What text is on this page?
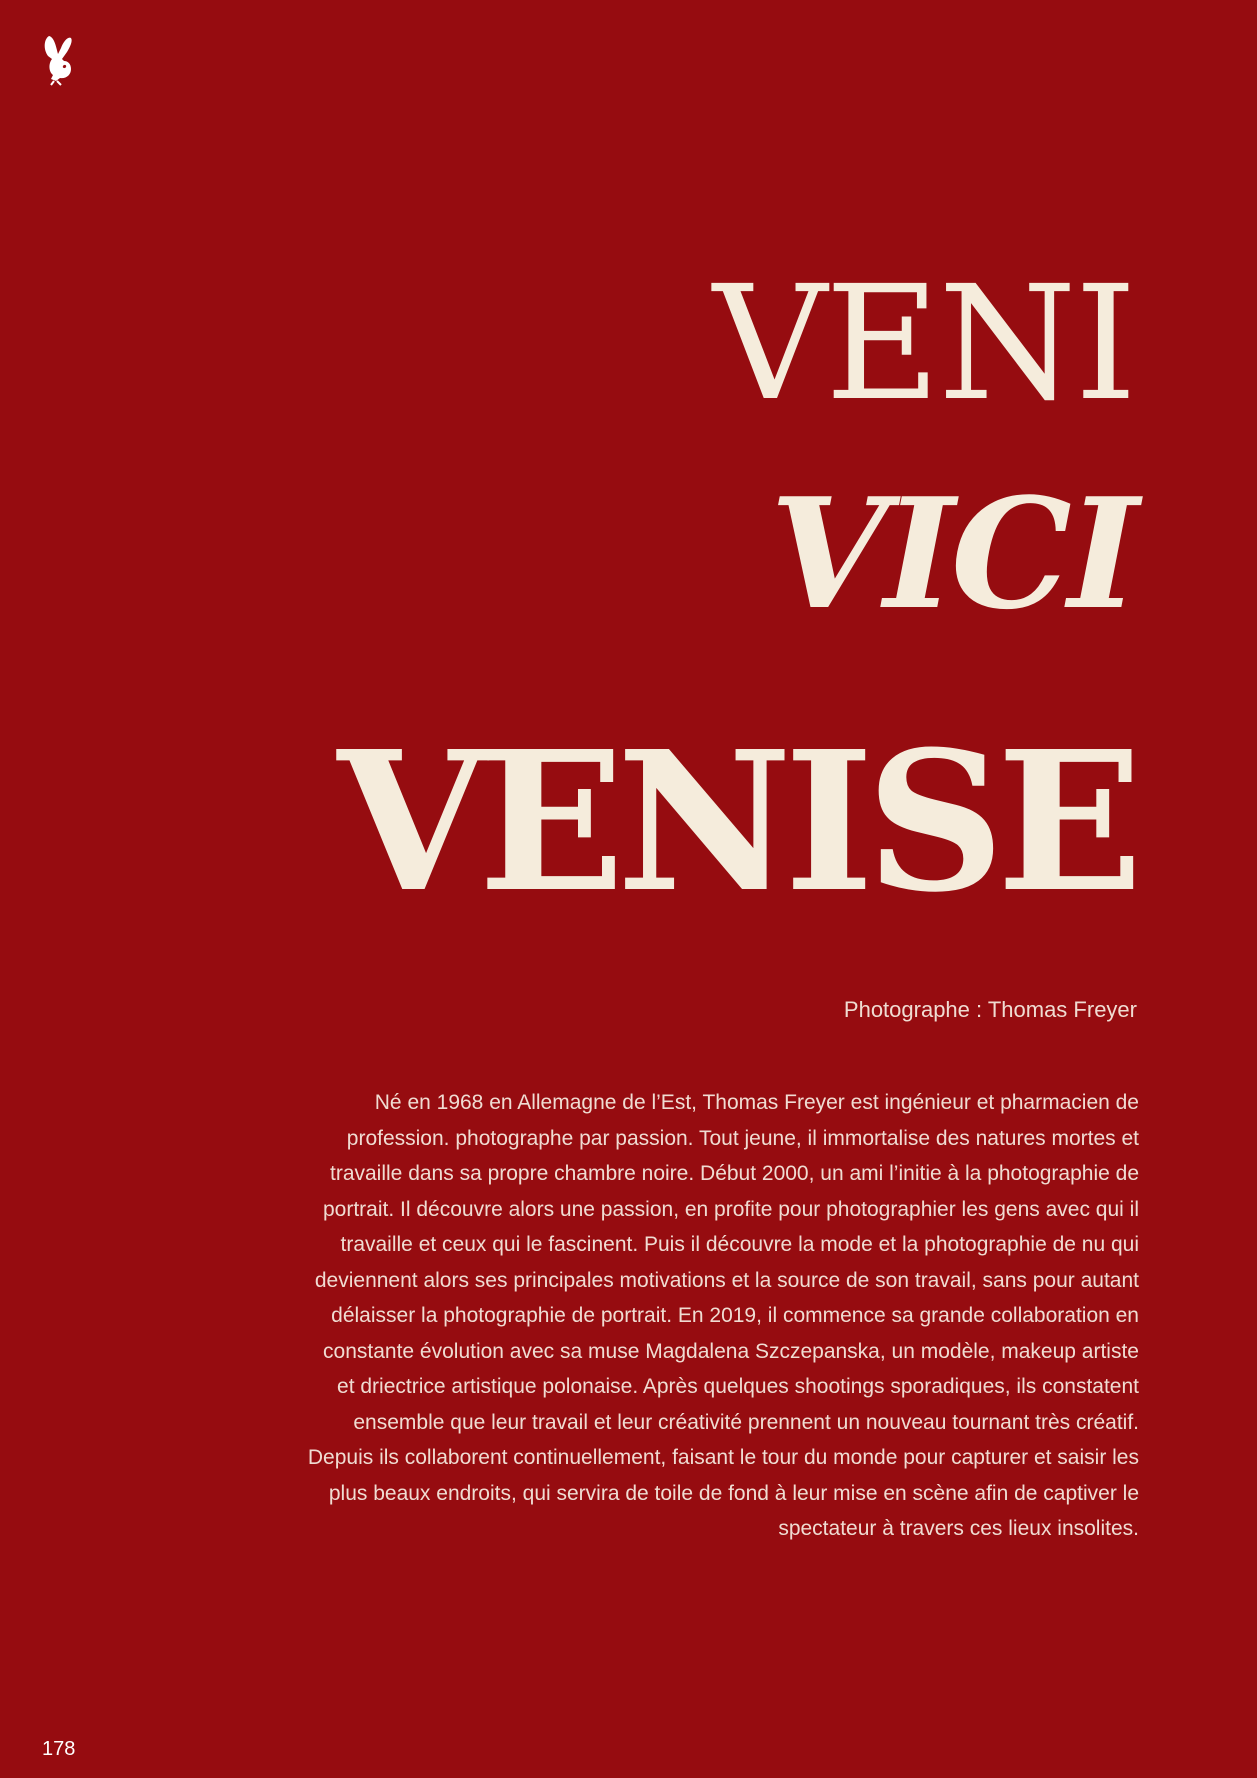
VENI
VICI
VENISE

Photographe : Thomas Freyer

Né en 1968 en Allemagne de l’Est, Thomas Freyer est ingénieur et pharmacien de
profession. photographe par passion. Tout jeune, il immortalise des natures mortes et
travaille dans sa propre chambre noire. Début 2000, un ami l’initie à la photographie de
portrait. Il découvre alors une passion, en profite pour photographier les gens avec qui il
travaille et ceux qui le fascinent. Puis il découvre la mode et la photographie de nu qui
deviennent alors ses principales motivations et la source de son travail, sans pour autant
délaisser la photographie de portrait. En 2019, il commence sa grande collaboration en
constante évolution avec sa muse Magdalena Szczepanska, un modèle, makeup artiste
et driectrice artistique polonaise. Après quelques shootings sporadiques, ils constatent
ensemble que leur travail et leur créativité prennent un nouveau tournant très créatif.
Depuis ils collaborent continuellement, faisant le tour du monde pour capturer et saisir les
plus beaux endroits, qui servira de toile de fond à leur mise en scène afin de captiver le
spectateur à travers ces lieux insolites.

178
